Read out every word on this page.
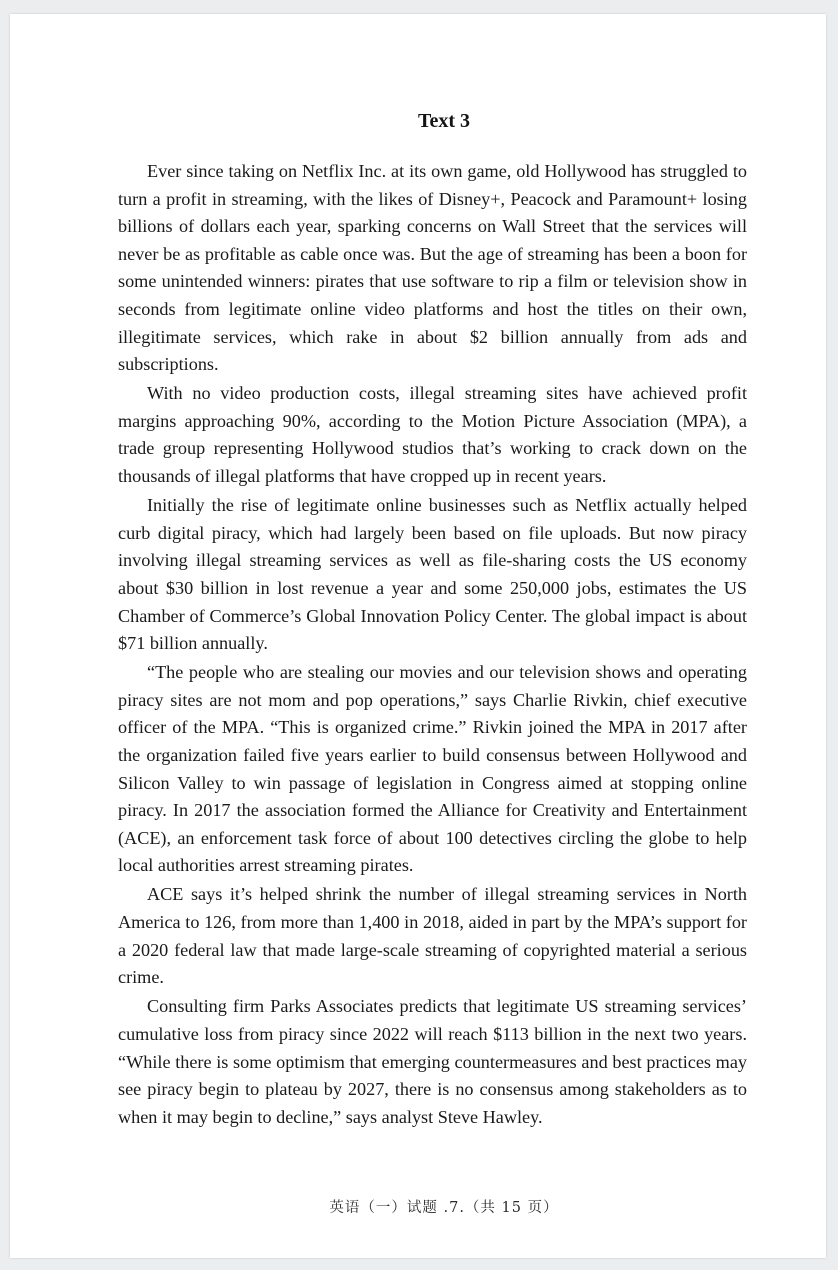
Text 3

Ever since taking on Netflix Inc. at its own game, old Hollywood has struggled to turn a profit in streaming, with the likes of Disney+, Peacock and Paramount+ losing billions of dollars each year, sparking concerns on Wall Street that the services will never be as profitable as cable once was. But the age of streaming has been a boon for some unintended winners: pirates that use software to rip a film or television show in seconds from legitimate online video platforms and host the titles on their own, illegitimate services, which rake in about $2 billion annually from ads and subscriptions.

With no video production costs, illegal streaming sites have achieved profit margins approaching 90%, according to the Motion Picture Association (MPA), a trade group representing Hollywood studios that’s working to crack down on the thousands of illegal platforms that have cropped up in recent years.

Initially the rise of legitimate online businesses such as Netflix actually helped curb digital piracy, which had largely been based on file uploads. But now piracy involving illegal streaming services as well as file-sharing costs the US economy about $30 billion in lost revenue a year and some 250,000 jobs, estimates the US Chamber of Commerce’s Global Innovation Policy Center. The global impact is about $71 billion annually.

“The people who are stealing our movies and our television shows and operating piracy sites are not mom and pop operations,” says Charlie Rivkin, chief executive officer of the MPA. “This is organized crime.” Rivkin joined the MPA in 2017 after the organization failed five years earlier to build consensus between Hollywood and Silicon Valley to win passage of legislation in Congress aimed at stopping online piracy. In 2017 the association formed the Alliance for Creativity and Entertainment (ACE), an enforcement task force of about 100 detectives circling the globe to help local authorities arrest streaming pirates.

ACE says it’s helped shrink the number of illegal streaming services in North America to 126, from more than 1,400 in 2018, aided in part by the MPA’s support for a 2020 federal law that made large-scale streaming of copyrighted material a serious crime.

Consulting firm Parks Associates predicts that legitimate US streaming services’ cumulative loss from piracy since 2022 will reach $113 billion in the next two years. “While there is some optimism that emerging countermeasures and best practices may see piracy begin to plateau by 2027, there is no consensus among stakeholders as to when it may begin to decline,” says analyst Steve Hawley.

英语（一）试题 .7.（共 15 页）
